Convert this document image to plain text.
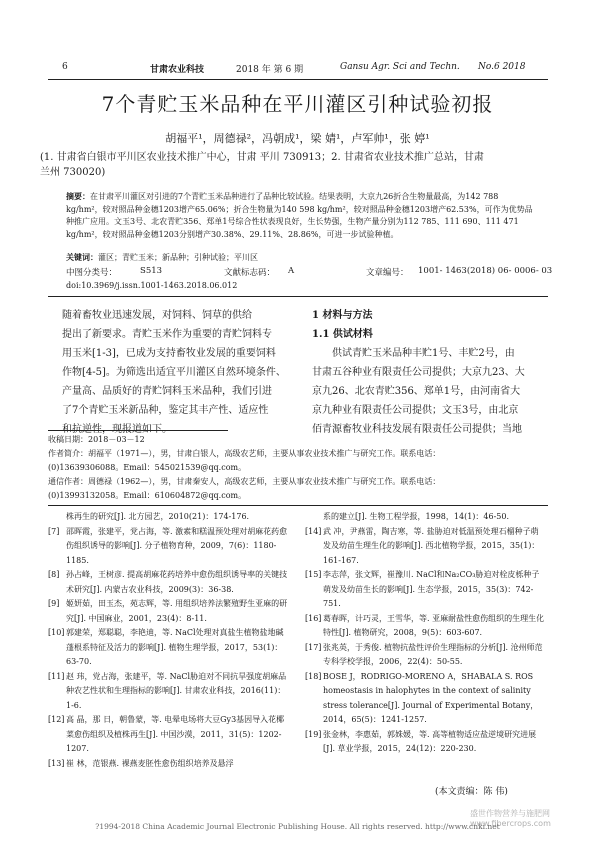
6	甘肃农业科技	2018 年 第 6 期	Gansu Agr. Sci and Techn. No.6 2018
7个青贮玉米品种在平川灌区引种试验初报
胡福平¹，周德禄²，冯朝成¹，梁 婧¹，卢军帅¹，张 婷¹
(1. 甘肃省白银市平川区农业技术推广中心，甘肃 平川 730913；2. 甘肃省农业技术推广总站，甘肃
兰州 730020)
摘要：在甘肃平川灌区对引进的7个青贮玉米品种进行了品种比较试验。结果表明，大京九26折合生物量最高，为142 788 kg/hm²，较对照品种金穗1203增产65.06%；折合生物量为140 598 kg/hm²，较对照品种金穗1203增产62.53%，可作为优势品种推广应用。文玉3号、北农青贮356、郑单1号综合性状表现良好，生长势强，生物产量分别为112 785、111 690、111 471 kg/hm²，较对照品种金穗1203分别增产30.38%、29.11%、28.86%，可进一步试验种植。
关键词：灌区；青贮玉米；新品种；引种试验；平川区
中图分类号：	S513	文献标志码： A	文章编号： 1001- 1463(2018) 06- 0006- 03
doi:10.3969/j.issn.1001-1463.2018.06.012

随着畜牧业迅速发展，对饲料、饲草的供给

提出了新要求。青贮玉米作为重要的青贮饲料专

用玉米[1-3]，已成为支持畜牧业发展的重要饲料

作物[4-5]。为筛选出适宜平川灌区自然环境条件、

产量高、品质好的青贮饲料玉米品种，我们引进

了7个青贮玉米新品种，鉴定其丰产性、适应性

和抗逆性，现报道如下。

1 材料与方法

1.1 供试材料

供试青贮玉米品种丰贮1号、丰贮2号，由

甘肃五谷种业有限责任公司提供；大京九23、大

京九26、北农青贮356、郑单1号，由河南省大

京九种业有限责任公司提供；文玉3号，由北京

佰青源畜牧业科技发展有限责任公司提供；当地

收稿日期：2018－03－12

作者简介：胡福平（1971—），男，甘肃白银人，高级农艺师，主要从事农业技术推广与研究工作。联系电话：

(0)13639306088。Email：545021539@qq.com。

通信作者：周德禄（1962—），男，甘肃秦安人，高级农艺师，主要从事农业技术推广与研究工作。联系电话：

(0)13993132058。Email：610604872@qq.com。

株再生的研究[J]. 北方园艺，2010(21)：174-176.
[7] 邵晖霞，张建平，党占海，等. 激素和糕温预处理对胡麻花药愈伤组织诱导的影响[J]. 分子植物育种，2009，7(6)：1180-1185.
[8] 孙占峰，王树彦. 提高胡麻花药培养中愈伤组织诱导率的关键技术研究[J]. 内蒙古农业科技，2009(3)：36-38.
[9] 姬妍茹，田玉杰，苑志辉，等. 用组织培养法繁殖野生亚麻的研究[J]. 中国麻业，2001，23(4)：8-11.
[10] 郭建荣，郑聪聪，李艳迪，等. NaCl处理对真盐生植物盐地碱蓬根系特征及活力的影响[J]. 植物生理学报，2017，53(1)：63-70.
[11] 赵 玮，党占海，张建平，等. NaCl胁迫对不同抗旱强度胡麻品种农艺性状和生理指标的影响[J]. 甘肃农业科技，2016(11)：1-6.
[12] 高 晶，那 日，朝鲁蒙，等. 电晕电场将大豆Gy3基因导入花椰菜愈伤组织及植株再生[J]. 中国沙漠，2011，31(5)：1202-1207.
[13] 崔 林，范银燕. 裸燕麦胚性愈伤组织培养及悬浮
系的建立[J]. 生物工程学报，1998，14(1)：46-50.
[14] 武 冲，尹燕雷，陶吉寒，等. 盐胁迫对低温预处理石榴种子萌发及幼苗生理生化的影响[J]. 西北植物学报，2015，35(1)：161-167.
[15] 李志萍，张文辉，崔豫川. NaCl和Na₂CO₃胁迫对栓皮栎种子萌发及幼苗生长的影响[J]. 生态学报，2015，35(3)：742-751.
[16] 葛春晖，计巧灵，王雪华，等. 亚麻耐盐性愈伤组织的生理生化特性[J]. 植物研究，2008，9(5)：603-607.
[17] 张兆英，于秀俊. 植物抗盐性评价生理指标的分析[J]. 沧州师范专科学校学报，2006，22(4)：50-55.
[18] BOSE J，RODRIGO-MORENO A，SHABALA S. ROS homeostasis in halophytes in the context of salinity stress tolerance[J]. Journal of Experimental Botany，2014，65(5)：1241-1257.
[19] 张金林，李惠茹，郭姝媛，等. 高等植物适应盐逆境研究进展[J]. 草业学报，2015，24(12)：220-230.
(本文责编：陈 伟)
盛世作物营养与施肥网 www.fibercrops.com
?1994-2018 China Academic Journal Electronic Publishing House. All rights reserved. http://www.cnki.net
